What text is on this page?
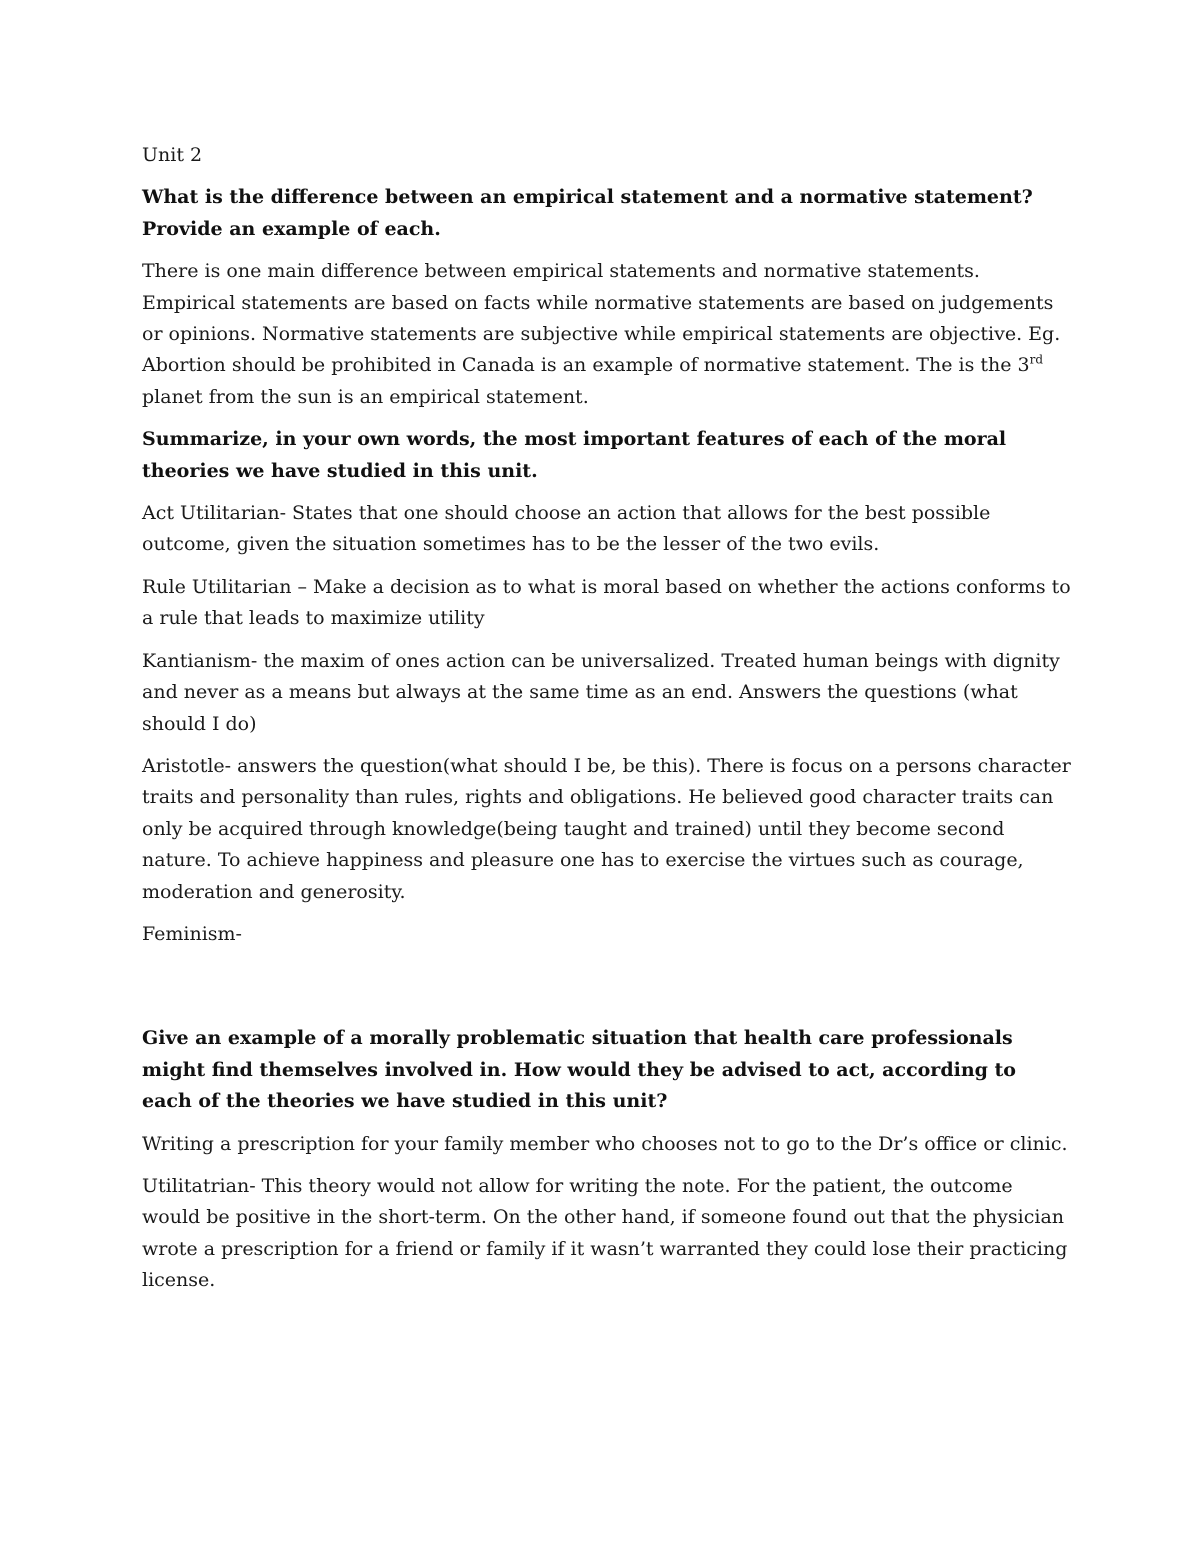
Unit 2

What is the difference between an empirical statement and a normative statement? Provide an example of each.

There is one main difference between empirical statements and normative statements. Empirical statements are based on facts while normative statements are based on judgements or opinions. Normative statements are subjective while empirical statements are objective. Eg. Abortion should be prohibited in Canada is an example of normative statement. The is the 3rd planet from the sun is an empirical statement.

Summarize, in your own words, the most important features of each of the moral theories we have studied in this unit.

Act Utilitarian- States that one should choose an action that allows for the best possible outcome, given the situation sometimes has to be the lesser of the two evils.

Rule Utilitarian – Make a decision as to what is moral based on whether the actions conforms to a rule that leads to maximize utility

Kantianism- the maxim of ones action can be universalized. Treated human beings with dignity and never as a means but always at the same time as an end. Answers the questions (what should I do)

Aristotle- answers the question(what should I be, be this). There is focus on a persons character traits and personality than rules, rights and obligations. He believed good character traits can only be acquired through knowledge(being taught and trained) until they become second nature. To achieve happiness and pleasure one has to exercise the virtues such as courage, moderation and generosity.

Feminism-

Give an example of a morally problematic situation that health care professionals might find themselves involved in. How would they be advised to act, according to each of the theories we have studied in this unit?

Writing a prescription for your family member who chooses not to go to the Dr’s office or clinic.

Utilitatrian- This theory would not allow for writing the note. For the patient, the outcome would be positive in the short-term. On the other hand, if someone found out that the physician wrote a prescription for a friend or family if it wasn’t warranted they could lose their practicing license.
